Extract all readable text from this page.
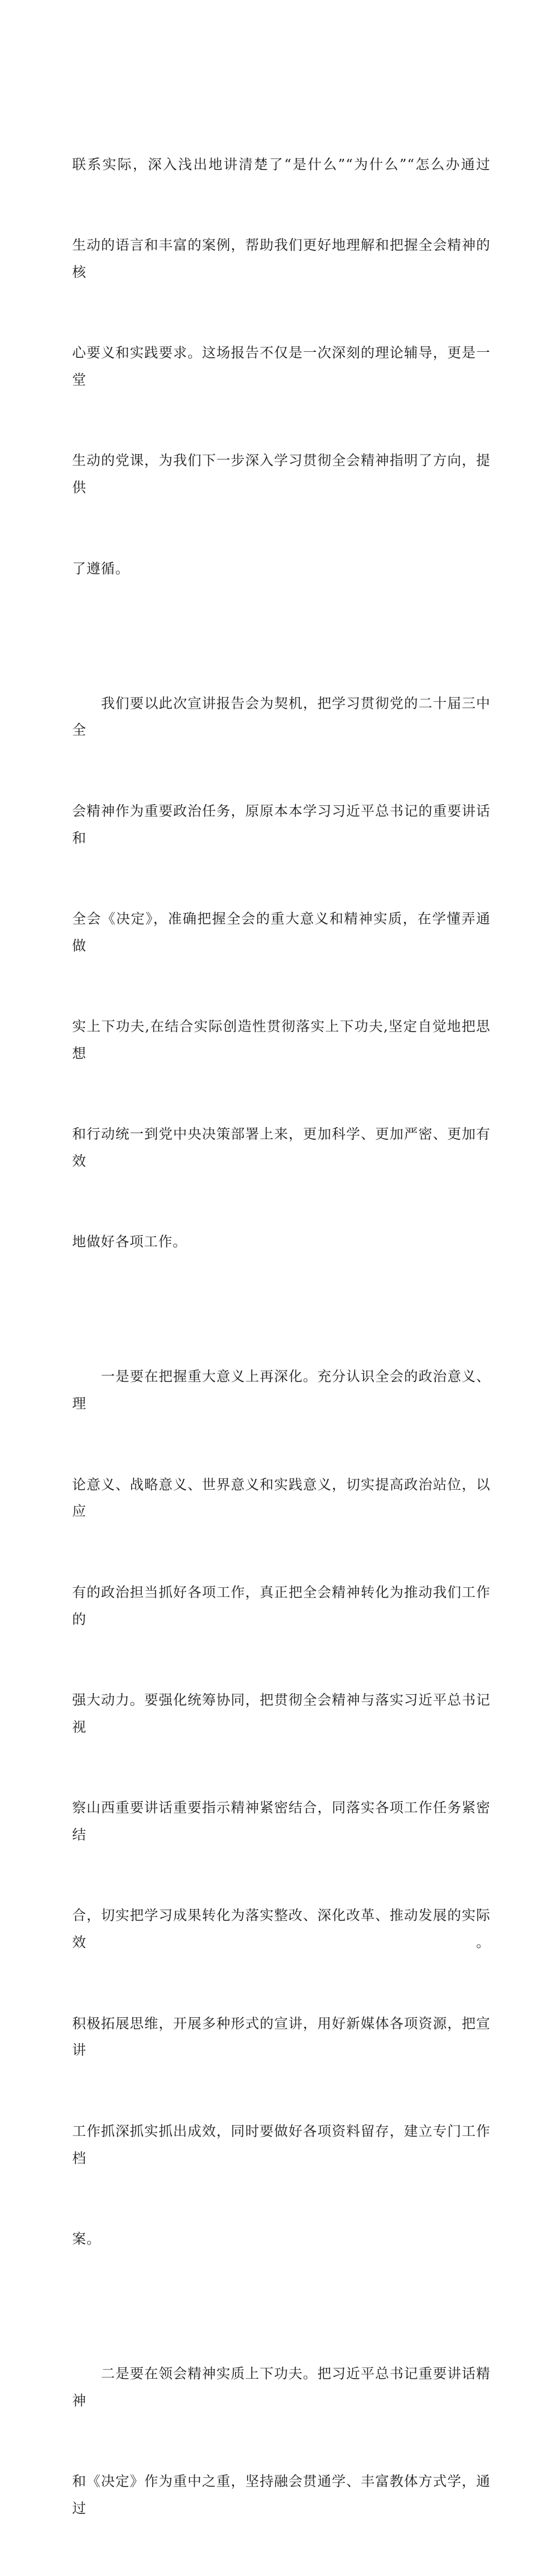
联系实际，深入浅出地讲清楚了“是什么”“为什么”“怎么办通过

生动的语言和丰富的案例，帮助我们更好地理解和把握全会精神的核

心要义和实践要求。这场报告不仅是一次深刻的理论辅导，更是一堂

生动的党课，为我们下一步深入学习贯彻全会精神指明了方向，提供

了遵循。

我们要以此次宣讲报告会为契机，把学习贯彻党的二十届三中全

会精神作为重要政治任务，原原本本学习习近平总书记的重要讲话和

全会《决定》，准确把握全会的重大意义和精神实质，在学懂弄通做

实上下功夫,在结合实际创造性贯彻落实上下功夫,坚定自觉地把思想

和行动统一到党中央决策部署上来，更加科学、更加严密、更加有效

地做好各项工作。

一是要在把握重大意义上再深化。充分认识全会的政治意义、理

论意义、战略意义、世界意义和实践意义，切实提高政治站位，以应

有的政治担当抓好各项工作，真正把全会精神转化为推动我们工作的

强大动力。要强化统筹协同，把贯彻全会精神与落实习近平总书记视

察山西重要讲话重要指示精神紧密结合，同落实各项工作任务紧密结

合，切实把学习成果转化为落实整改、深化改革、推动发展的实际效。

积极拓展思维，开展多种形式的宣讲，用好新媒体各项资源，把宣讲

工作抓深抓实抓出成效，同时要做好各项资料留存，建立专门工作档

案。

二是要在领会精神实质上下功夫。把习近平总书记重要讲话精神

和《决定》作为重中之重，坚持融会贯通学、丰富教体方式学，通过
